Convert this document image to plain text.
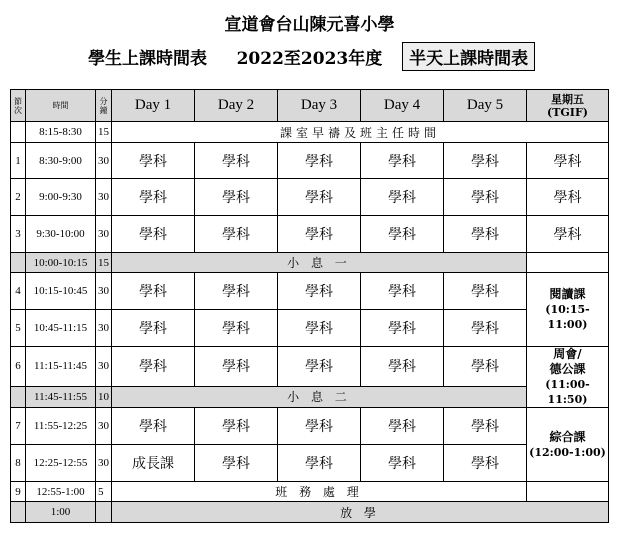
宣道會台山陳元喜小學
學生上課時間表 2022至2023年度 半天上課時間表
節次	時間	分鐘	Day 1	Day 2	Day 3	Day 4	Day 5	星期五
(TGIF)

	8:15-8:30	15	課室早禱及班主任時間					
1	8:30-9:00	30	學科	學科	學科	學科	學科	學科
2	9:00-9:30	30	學科	學科	學科	學科	學科	學科
3	9:30-10:00	30	學科	學科	學科	學科	學科	學科
	10:00-10:15	15	小 息 一					
4	10:15-10:45	30	學科	學科	學科	學科	學科	閱讀課
(10:15-11:00)

5	10:45-11:15	30	學科	學科	學科	學科	學科	
6	11:15-11:45	30	學科	學科	學科	學科	學科	周會/
德公課
(11:00-11:50)

	11:45-11:55	10	小 息 二					
7	11:55-12:25	30	學科	學科	學科	學科	學科	綜合課
(12:00-1:00)

8	12:25-12:55	30	成長課	學科	學科	學科	學科	
9	12:55-1:00	5	班 務 處 理					
	1:00		放 學					
